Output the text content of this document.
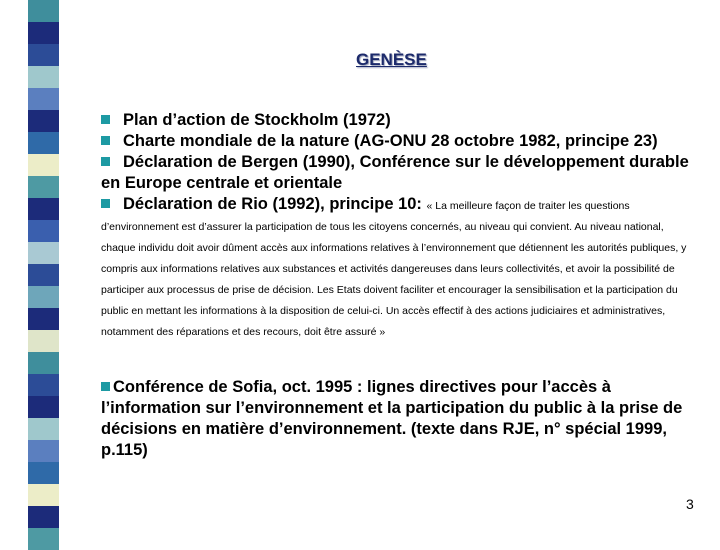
GENÈSE

Plan d’action de Stockholm (1972)

Charte mondiale de la nature (AG-ONU 28 octobre 1982, principe 23)

Déclaration de Bergen (1990), Conférence sur le développement durable en Europe centrale et orientale

Déclaration de Rio (1992), principe 10: « La meilleure façon de traiter les questions d’environnement est d’assurer la participation de tous les citoyens concernés, au niveau qui convient. Au niveau national, chaque individu doit avoir dûment accès aux informations relatives à l’environnement que détiennent les autorités publiques, y compris aux informations relatives aux substances et activités dangereuses dans leurs collectivités, et avoir la possibilité de participer aux processus de prise de décision. Les Etats doivent faciliter et encourager la sensibilisation et la participation du public en mettant les informations à la disposition de celui-ci. Un accès effectif à des actions judiciaires et administratives, notamment des réparations et des recours, doit être assuré »

Conférence de Sofia, oct. 1995 : lignes directives pour l’accès à l’information sur l’environnement et la participation du public à la prise de décisions en matière d’environnement. (texte dans RJE, n° spécial 1999, p.115)
3
